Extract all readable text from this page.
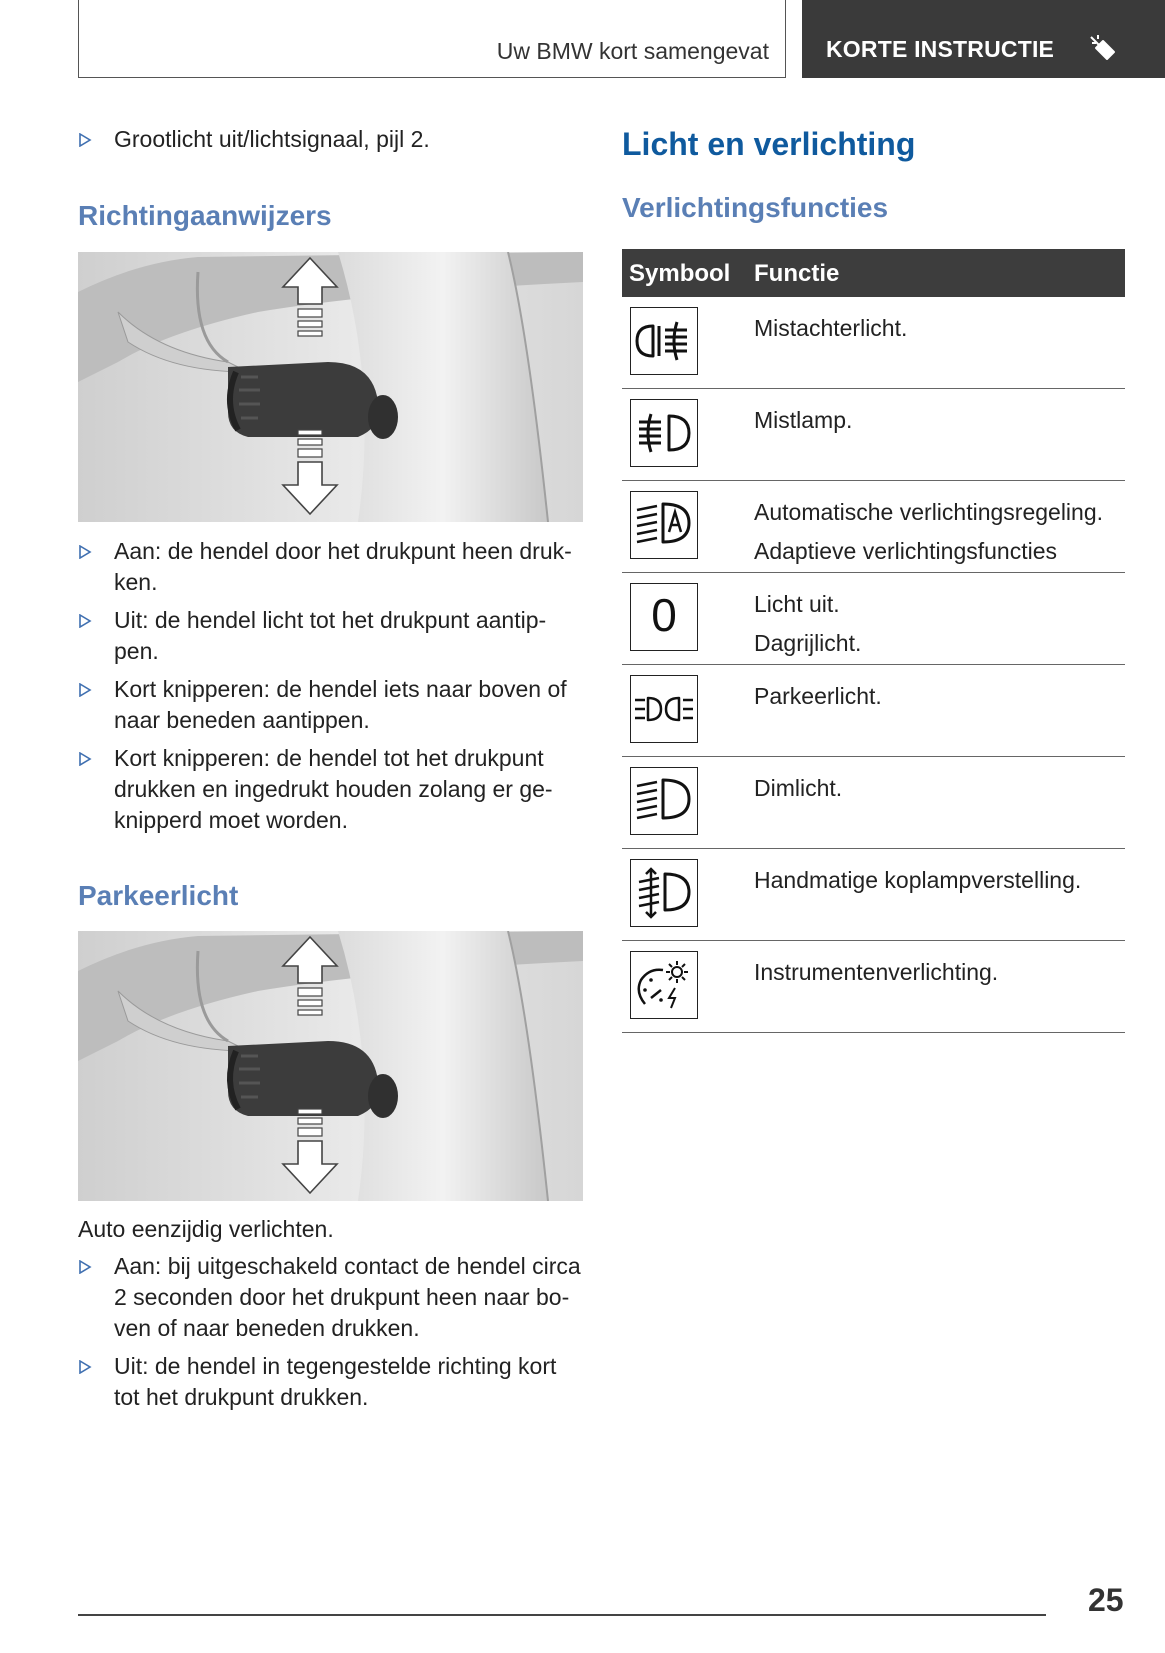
Uw BMW kort samengevat KORTE INSTRUCTIE
Grootlicht uit/lichtsignaal, pijl 2.
Richtingaanwijzers
Aan: de hendel door het drukpunt heen druk-
ken.
Uit: de hendel licht tot het drukpunt aantip-
pen.
Kort knipperen: de hendel iets naar boven of
naar beneden aantippen.
Kort knipperen: de hendel tot het drukpunt
drukken en ingedrukt houden zolang er ge-
knipperd moet worden.
Parkeerlicht
Auto eenzijdig verlichten.
Aan: bij uitgeschakeld contact de hendel circa
2 seconden door het drukpunt heen naar bo-
ven of naar beneden drukken.
Uit: de hendel in tegengestelde richting kort
tot het drukpunt drukken.
Licht en verlichting
Verlichtingsfuncties
Symbool Functie
Mistachterlicht.
Mistlamp.
Automatische verlichtingsregeling.
Adaptieve verlichtingsfuncties
0	Licht uit.
Dagrijlicht.
Parkeerlicht.
Dimlicht.
Handmatige koplampverstelling.
Instrumentenverlichting.
25
